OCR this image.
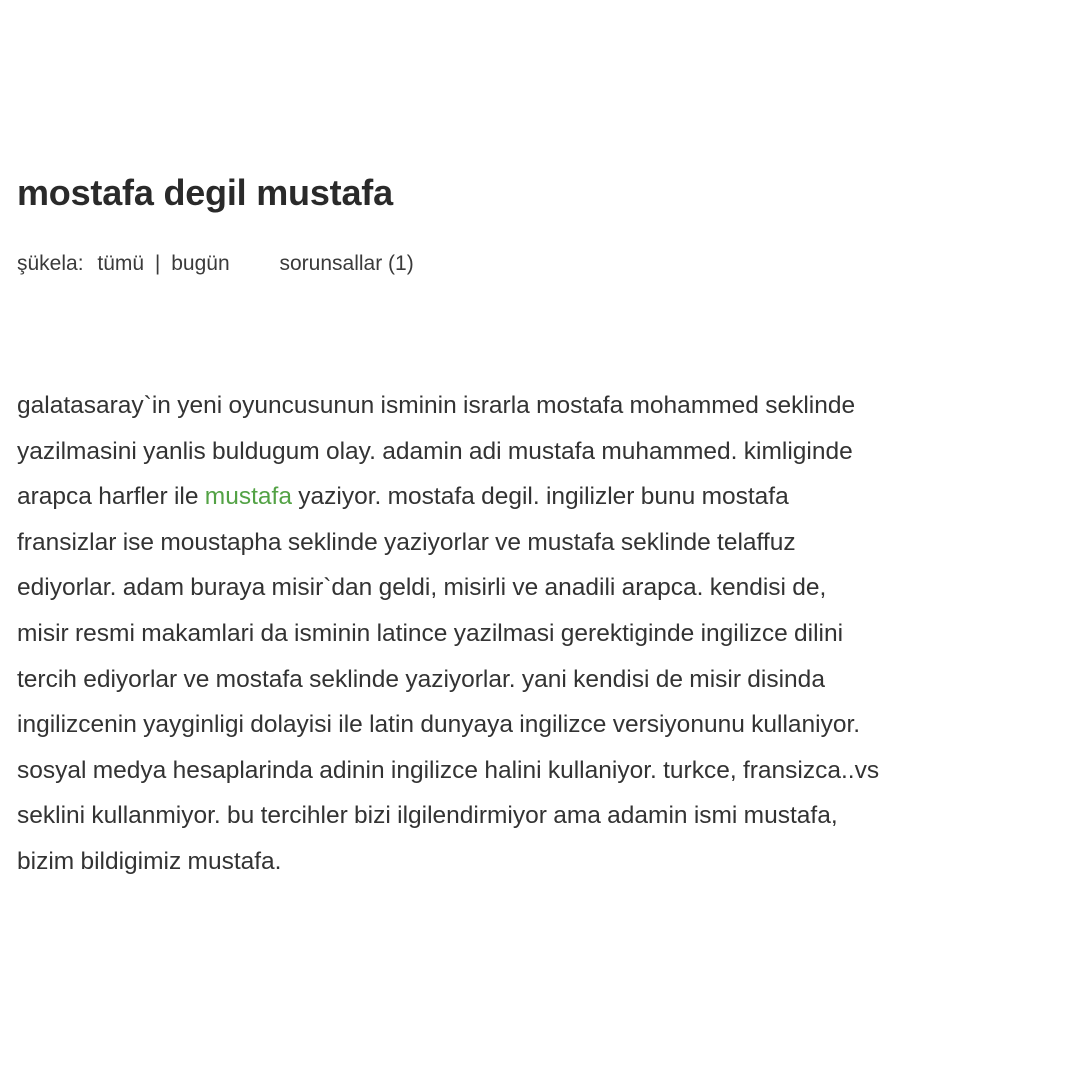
mostafa degil mustafa
şükela: tümü | bugün sorunsallar (1)

galatasaray`in yeni oyuncusunun isminin israrla mostafa mohammed seklinde
yazilmasini yanlis buldugum olay. adamin adi mustafa muhammed. kimliginde
arapca harfler ile mustafa yaziyor. mostafa degil. ingilizler bunu mostafa
fransizlar ise moustapha seklinde yaziyorlar ve mustafa seklinde telaffuz
ediyorlar. adam buraya misir`dan geldi, misirli ve anadili arapca. kendisi de,
misir resmi makamlari da isminin latince yazilmasi gerektiginde ingilizce dilini
tercih ediyorlar ve mostafa seklinde yaziyorlar. yani kendisi de misir disinda
ingilizcenin yayginligi dolayisi ile latin dunyaya ingilizce versiyonunu kullaniyor.
sosyal medya hesaplarinda adinin ingilizce halini kullaniyor. turkce, fransizca..vs
seklini kullanmiyor. bu tercihler bizi ilgilendirmiyor ama adamin ismi mustafa,
bizim bildigimiz mustafa.
